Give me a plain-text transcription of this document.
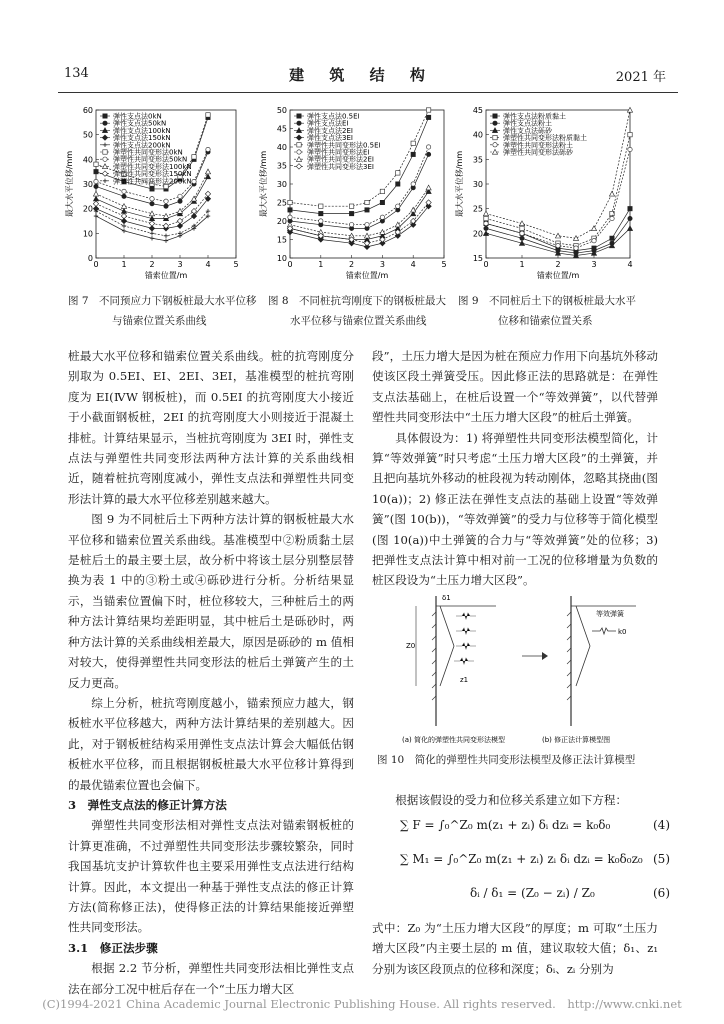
134	建 筑 结 构	2021 年
0	1	2	3	4	5
0
10
20
30
40
50
60
锚索位置/m
最大水平位移/mm
弹性支点法0kN
弹性支点法50kN
弹性支点法100kN
弹性支点法150kN
弹性支点法200kN
弹塑性共同变形法0kN
弹塑性共同变形法50kN
弹塑性共同变形法100kN
弹塑性共同变形法150kN
弹塑性共同变形法200kN
0	1	2	3	4	5
10
15
20
25
30
35
40
45
50
锚索位置/m
最大水平位移/mm
弹性支点法0.5EI
弹性支点法EI
弹性支点法2EI
弹性支点法3EI
弹塑性共同变形法0.5EI
弹塑性共同变形法EI
弹塑性共同变形法2EI
弹塑性共同变形法3EI
0	1	2	3	4
15
20
25
30
35
40
45
锚索位置/m
最大水平位移/mm
弹性支点法粉质黏土
弹性支点法粉土
弹性支点法砾砂
弹塑性共同变形法粉质黏土
弹塑性共同变形法粉土
弹塑性共同变形法砾砂
图 7　不同预应力下钢板桩最大水平位移
与锚索位置关系曲线
图 8　不同桩抗弯刚度下的钢板桩最大
水平位移与锚索位置关系曲线
图 9　不同桩后土下的钢板桩最大水平
位移和锚索位置关系

桩最大水平位移和锚索位置关系曲线。桩的抗弯刚度分别取为 0.5EI、EI、2EI、3EI，基准模型的桩抗弯刚度为 EI(ⅣW 钢板桩)，而 0.5EI 的抗弯刚度大小接近于小截面钢板桩，2EI 的抗弯刚度大小则接近于混凝土排桩。计算结果显示，当桩抗弯刚度为 3EI 时，弹性支点法与弹塑性共同变形法两种方法计算的关系曲线相近，随着桩抗弯刚度减小，弹性支点法和弹塑性共同变形法计算的最大水平位移差别越来越大。

图 9 为不同桩后土下两种方法计算的钢板桩最大水平位移和锚索位置关系曲线。基准模型中②粉质黏土层是桩后土的最主要土层，故分析中将该土层分别整层替换为表 1 中的③粉土或④砾砂进行分析。分析结果显示，当锚索位置偏下时，桩位移较大，三种桩后土的两种方法计算结果均差距明显，其中桩后土是砾砂时，两种方法计算的关系曲线相差最大，原因是砾砂的 m 值相对较大，使得弹塑性共同变形法的桩后土弹簧产生的土反力更高。

综上分析，桩抗弯刚度越小，锚索预应力越大，钢板桩水平位移越大，两种方法计算结果的差别越大。因此，对于钢板桩结构采用弹性支点法计算会大幅低估钢板桩水平位移，而且根据钢板桩最大水平位移计算得到的最优锚索位置也会偏下。

3　弹性支点法的修正计算方法

弹塑性共同变形法相对弹性支点法对锚索钢板桩的计算更准确，不过弹塑性共同变形法步骤较繁杂，同时我国基坑支护计算软件也主要采用弹性支点法进行结构计算。因此，本文提出一种基于弹性支点法的修正计算方法(简称修正法)，使得修正法的计算结果能接近弹塑性共同变形法。

3.1　修正法步骤

根据 2.2 节分析，弹塑性共同变形法相比弹性支点法在部分工况中桩后存在一个“土压力增大区

段”，土压力增大是因为桩在预应力作用下向基坑外移动使该区段土弹簧受压。因此修正法的思路就是：在弹性支点法基础上，在桩后设置一个“等效弹簧”，以代替弹塑性共同变形法中“土压力增大区段”的桩后土弹簧。

具体假设为：1) 将弹塑性共同变形法模型简化，计算“等效弹簧”时只考虑“土压力增大区段”的土弹簧，并且把向基坑外移动的桩段视为转动刚体，忽略其挠曲(图 10(a))；2) 修正法在弹性支点法的基础上设置“等效弹簧”(图 10(b))，“等效弹簧”的受力与位移等于简化模型(图 10(a))中土弹簧的合力与“等效弹簧”处的位移；3) 把弹性支点法计算中相对前一工况的位移增量为负数的桩区段设为“土压力增大区段”。

Z0
δ1
z1
等效弹簧
k0
(a) 简化的弹塑性共同变形法模型	(b) 修正法计算模型图
图 10　简化的弹塑性共同变形法模型及修正法计算模型

根据该假设的受力和位移关系建立如下方程：

∑ F = ∫₀^Z₀ m(z₁ + zᵢ) δᵢ dzᵢ = k₀δ₀	(4)
∑ M₁ = ∫₀^Z₀ m(z₁ + zᵢ) zᵢ δᵢ dzᵢ = k₀δ₀z₀ (5)
δᵢ / δ₁ = (Z₀ − zᵢ) / Z₀	(6)

式中：Z₀ 为“土压力增大区段”的厚度；m 可取“土压力增大区段”内主要土层的 m 值，建议取较大值；δ₁、z₁ 分别为该区段顶点的位移和深度；δᵢ、zᵢ 分别为

(C)1994-2021 China Academic Journal Electronic Publishing House. All rights reserved.　http://www.cnki.net
